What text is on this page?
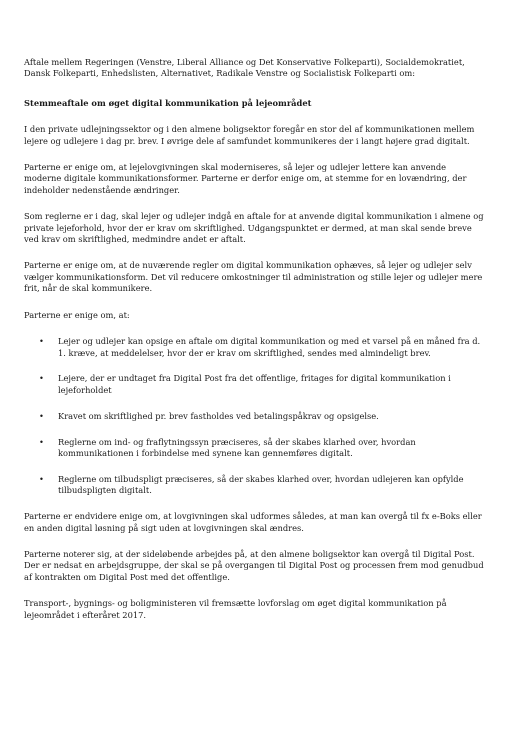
Aftale mellem Regeringen (Venstre, Liberal Alliance og Det Konservative Folkeparti), Socialdemokratiet, Dansk Folkeparti, Enhedslisten, Alternativet, Radikale Venstre og Socialistisk Folkeparti om:

Stemmeaftale om øget digital kommunikation på lejeområdet

I den private udlejningssektor og i den almene boligsektor foregår en stor del af kommunikationen mellem lejere og udlejere i dag pr. brev. I øvrige dele af samfundet kommunikeres der i langt højere grad digitalt.

Parterne er enige om, at lejelovgivningen skal moderniseres, så lejer og udlejer lettere kan anvende moderne digitale kommunikationsformer. Parterne er derfor enige om, at stemme for en lovændring, der indeholder nedenstående ændringer.

Som reglerne er i dag, skal lejer og udlejer indgå en aftale for at anvende digital kommunikation i almene og private lejeforhold, hvor der er krav om skriftlighed. Udgangspunktet er dermed, at man skal sende breve ved krav om skriftlighed, medmindre andet er aftalt.

Parterne er enige om, at de nuværende regler om digital kommunikation ophæves, så lejer og udlejer selv vælger kommunikationsform. Det vil reducere omkostninger til administration og stille lejer og udlejer mere frit, når de skal kommunikere.

Parterne er enige om, at:

• Lejer og udlejer kan opsige en aftale om digital kommunikation og med et varsel på en måned fra d. 1. kræve, at meddelelser, hvor der er krav om skriftlighed, sendes med almindeligt brev.
• Lejere, der er undtaget fra Digital Post fra det offentlige, fritages for digital kommunikation i lejeforholdet
• Kravet om skriftlighed pr. brev fastholdes ved betalingspåkrav og opsigelse.
• Reglerne om ind- og fraflytningssyn præciseres, så der skabes klarhed over, hvordan kommunikationen i forbindelse med synene kan gennemføres digitalt.
• Reglerne om tilbudspligt præciseres, så der skabes klarhed over, hvordan udlejeren kan opfylde tilbudspligten digitalt.

Parterne er endvidere enige om, at lovgivningen skal udformes således, at man kan overgå til fx e-Boks eller en anden digital løsning på sigt uden at lovgivningen skal ændres.

Parterne noterer sig, at der sideløbende arbejdes på, at den almene boligsektor kan overgå til Digital Post. Der er nedsat en arbejdsgruppe, der skal se på overgangen til Digital Post og processen frem mod genudbud af kontrakten om Digital Post med det offentlige.

Transport-, bygnings- og boligministeren vil fremsætte lovforslag om øget digital kommunikation på lejeområdet i efteråret 2017.
